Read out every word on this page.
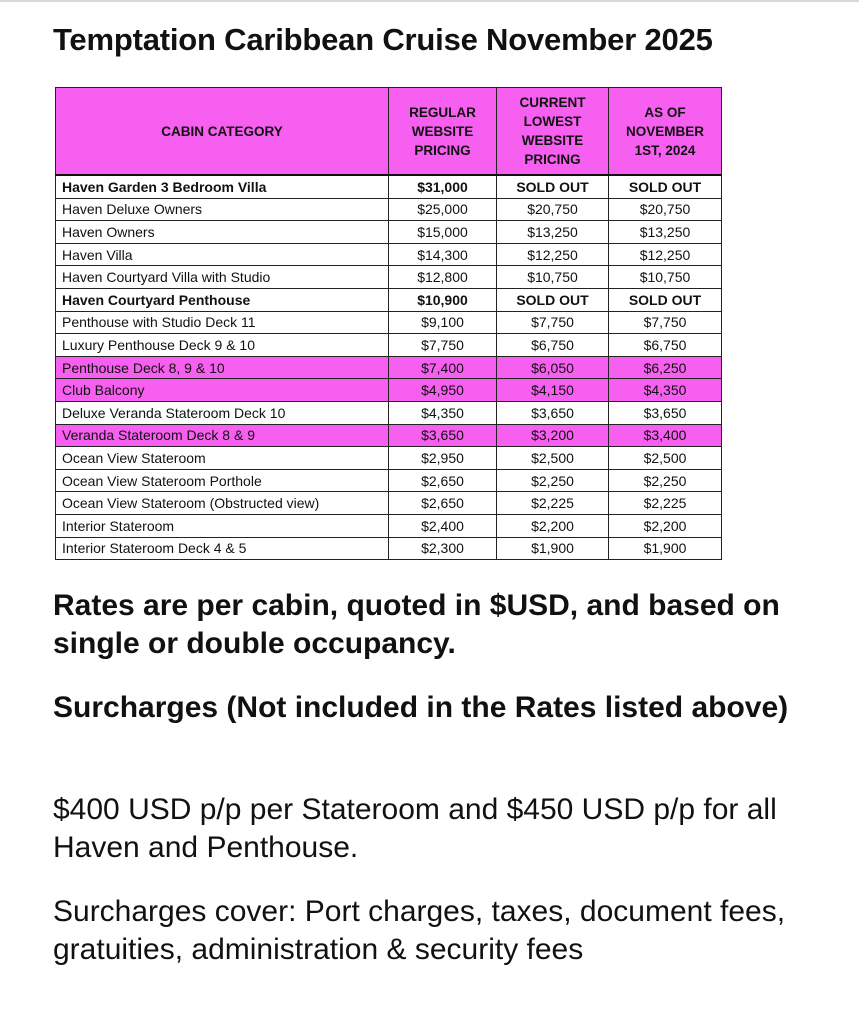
Temptation Caribbean Cruise November 2025
CABIN CATEGORY	REGULAR WEBSITE PRICING	CURRENT LOWEST WEBSITE PRICING	AS OF NOVEMBER 1ST, 2024

Haven Garden 3 Bedroom Villa	$31,000	SOLD OUT	SOLD OUT
Haven Deluxe Owners	$25,000	$20,750	$20,750
Haven Owners	$15,000	$13,250	$13,250
Haven Villa	$14,300	$12,250	$12,250
Haven Courtyard Villa with Studio	$12,800	$10,750	$10,750
Haven Courtyard Penthouse	$10,900	SOLD OUT	SOLD OUT
Penthouse with Studio Deck 11	$9,100	$7,750	$7,750
Luxury Penthouse Deck 9 & 10	$7,750	$6,750	$6,750
Penthouse Deck 8, 9 & 10	$7,400	$6,050	$6,250
Club Balcony	$4,950	$4,150	$4,350
Deluxe Veranda Stateroom Deck 10	$4,350	$3,650	$3,650
Veranda Stateroom Deck 8 & 9	$3,650	$3,200	$3,400
Ocean View Stateroom	$2,950	$2,500	$2,500
Ocean View Stateroom Porthole	$2,650	$2,250	$2,250
Ocean View Stateroom (Obstructed view)	$2,650	$2,225	$2,225
Interior Stateroom	$2,400	$2,200	$2,200
Interior Stateroom Deck 4 & 5	$2,300	$1,900	$1,900

Rates are per cabin, quoted in $USD, and based on single or double occupancy.

Surcharges (Not included in the Rates listed above)

$400 USD p/p per Stateroom and $450 USD p/p for all Haven and Penthouse.

Surcharges cover: Port charges, taxes, document fees, gratuities, administration & security fees
